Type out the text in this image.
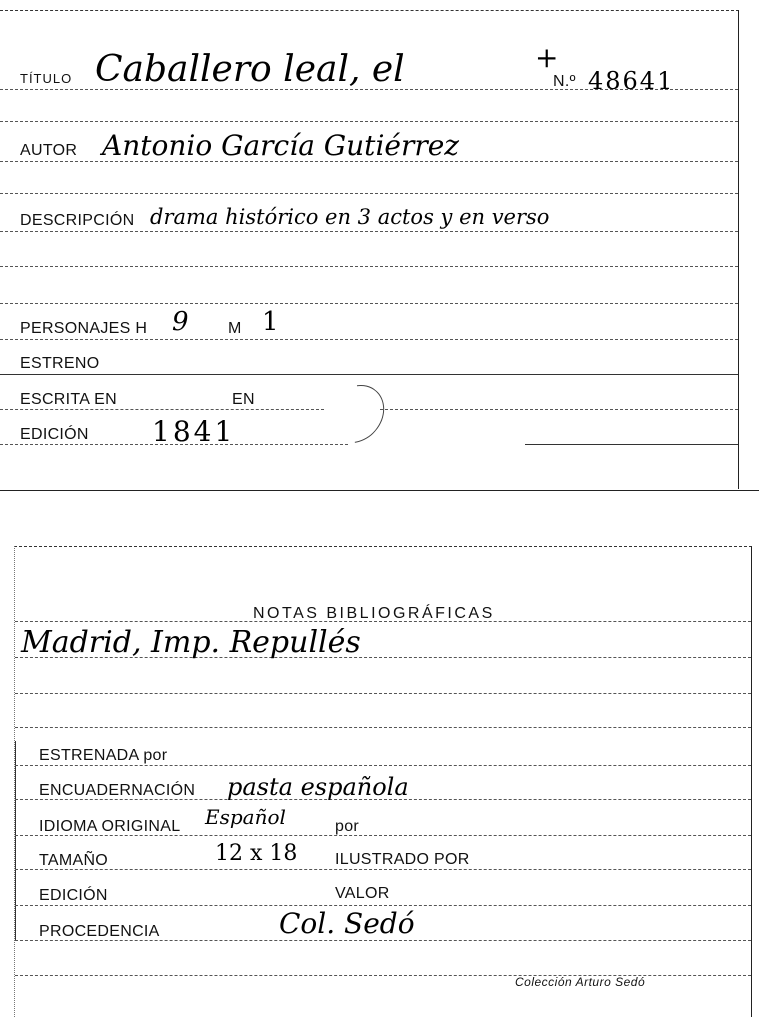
TÍTULO Caballero leal, el	+
N.º 48641
AUTOR Antonio García Gutiérrez
DESCRIPCIÓN drama histórico en 3 actos y en verso
PERSONAJES H 9 M 1
ESTRENO
ESCRITA EN	EN
EDICIÓN 1841
NOTAS BIBLIOGRÁFICAS
Madrid, Imp. Repullés
ESTRENADA por
ENCUADERNACIÓN pasta española
IDIOMA ORIGINAL Español	por
TAMAÑO	12 x 18 ILUSTRADO POR
EDICIÓN	VALOR
PROCEDENCIA	Col. Sedó
Colección Arturo Sedó
